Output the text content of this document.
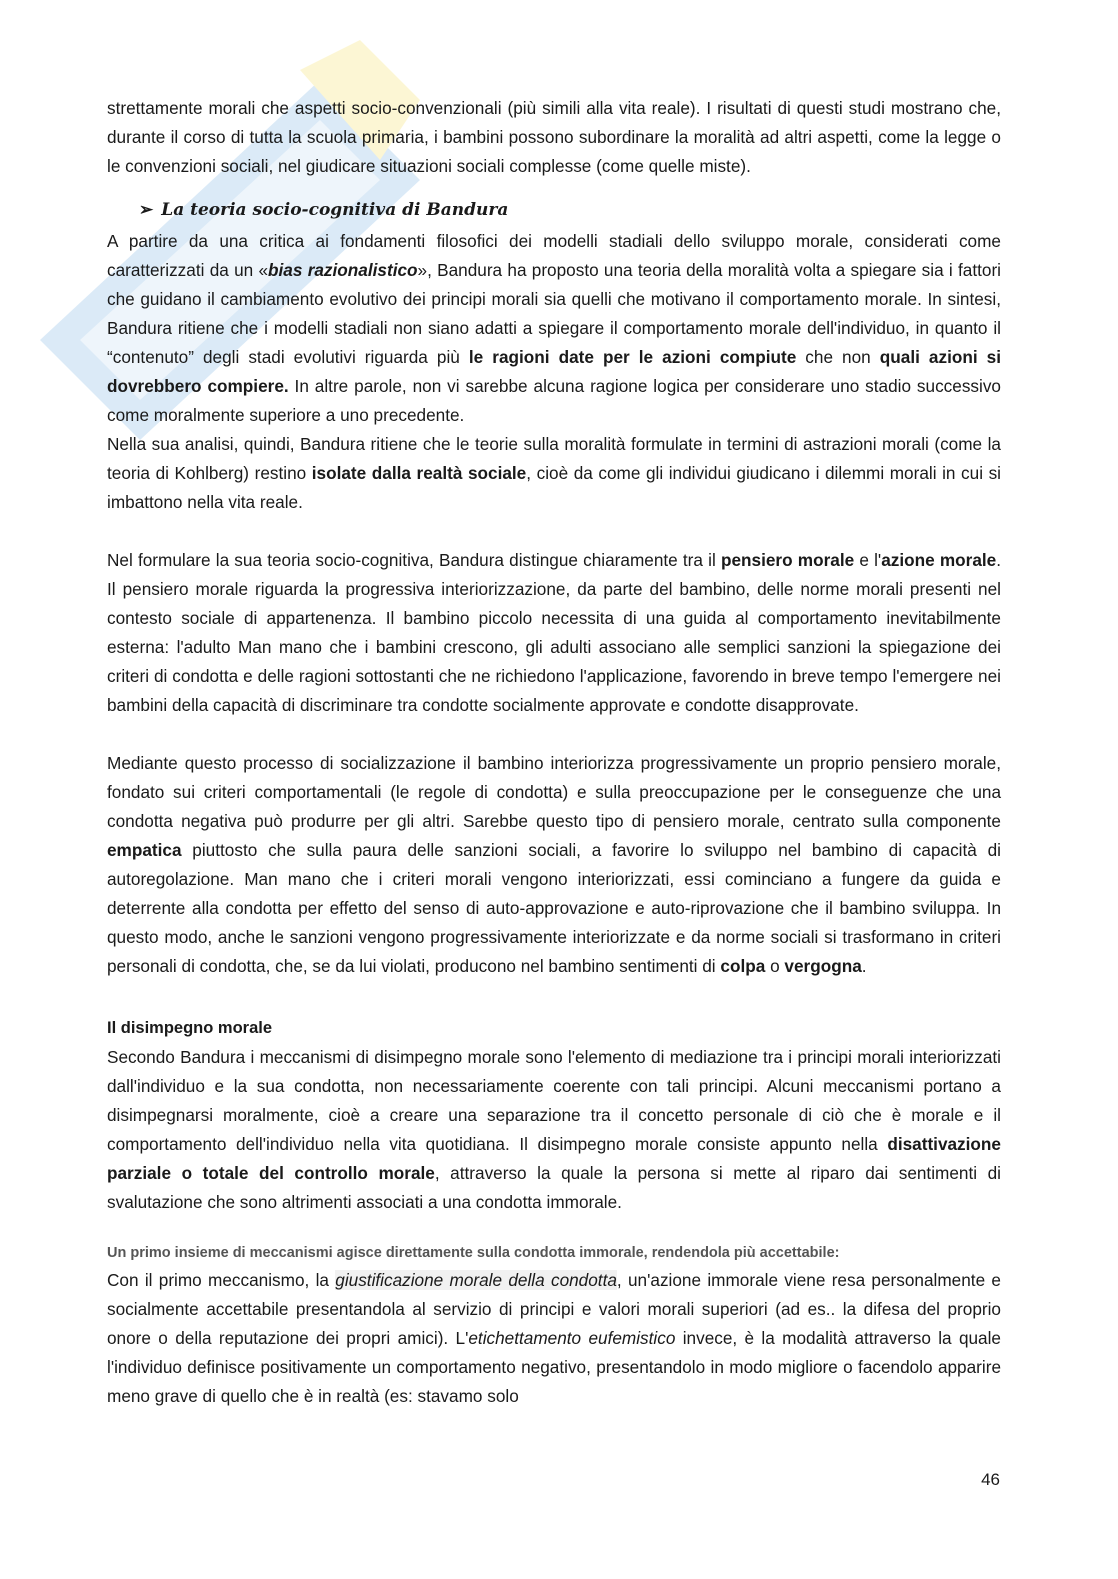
strettamente morali che aspetti socio-convenzionali (più simili alla vita reale). I risultati di questi studi mostrano che, durante il corso di tutta la scuola primaria, i bambini possono subordinare la moralità ad altri aspetti, come la legge o le convenzioni sociali, nel giudicare situazioni sociali complesse (come quelle miste).

➢ La teoria socio-cognitiva di Bandura

A partire da una critica ai fondamenti filosofici dei modelli stadiali dello sviluppo morale, considerati come caratterizzati da un «bias razionalistico», Bandura ha proposto una teoria della moralità volta a spiegare sia i fattori che guidano il cambiamento evolutivo dei principi morali sia quelli che motivano il comportamento morale. In sintesi, Bandura ritiene che i modelli stadiali non siano adatti a spiegare il comportamento morale dell'individuo, in quanto il “contenuto” degli stadi evolutivi riguarda più le ragioni date per le azioni compiute che non quali azioni si dovrebbero compiere. In altre parole, non vi sarebbe alcuna ragione logica per considerare uno stadio successivo come moralmente superiore a uno precedente.

Nella sua analisi, quindi, Bandura ritiene che le teorie sulla moralità formulate in termini di astrazioni morali (come la teoria di Kohlberg) restino isolate dalla realtà sociale, cioè da come gli individui giudicano i dilemmi morali in cui si imbattono nella vita reale.

Nel formulare la sua teoria socio-cognitiva, Bandura distingue chiaramente tra il pensiero morale e l'azione morale. Il pensiero morale riguarda la progressiva interiorizzazione, da parte del bambino, delle norme morali presenti nel contesto sociale di appartenenza. Il bambino piccolo necessita di una guida al comportamento inevitabilmente esterna: l'adulto Man mano che i bambini crescono, gli adulti associano alle semplici sanzioni la spiegazione dei criteri di condotta e delle ragioni sottostanti che ne richiedono l'applicazione, favorendo in breve tempo l'emergere nei bambini della capacità di discriminare tra condotte socialmente approvate e condotte disapprovate.

Mediante questo processo di socializzazione il bambino interiorizza progressivamente un proprio pensiero morale, fondato sui criteri comportamentali (le regole di condotta) e sulla preoccupazione per le conseguenze che una condotta negativa può produrre per gli altri. Sarebbe questo tipo di pensiero morale, centrato sulla componente empatica piuttosto che sulla paura delle sanzioni sociali, a favorire lo sviluppo nel bambino di capacità di autoregolazione. Man mano che i criteri morali vengono interiorizzati, essi cominciano a fungere da guida e deterrente alla condotta per effetto del senso di auto-approvazione e auto-riprovazione che il bambino sviluppa. In questo modo, anche le sanzioni vengono progressivamente interiorizzate e da norme sociali si trasformano in criteri personali di condotta, che, se da lui violati, producono nel bambino sentimenti di colpa o vergogna.

Il disimpegno morale

Secondo Bandura i meccanismi di disimpegno morale sono l'elemento di mediazione tra i principi morali interiorizzati dall'individuo e la sua condotta, non necessariamente coerente con tali principi. Alcuni meccanismi portano a disimpegnarsi moralmente, cioè a creare una separazione tra il concetto personale di ciò che è morale e il comportamento dell'individuo nella vita quotidiana. Il disimpegno morale consiste appunto nella disattivazione parziale o totale del controllo morale, attraverso la quale la persona si mette al riparo dai sentimenti di svalutazione che sono altrimenti associati a una condotta immorale.

Un primo insieme di meccanismi agisce direttamente sulla condotta immorale, rendendola più accettabile:

Con il primo meccanismo, la giustificazione morale della condotta, un'azione immorale viene resa personalmente e socialmente accettabile presentandola al servizio di principi e valori morali superiori (ad es.. la difesa del proprio onore o della reputazione dei propri amici). L'etichettamento eufemistico invece, è la modalità attraverso la quale l'individuo definisce positivamente un comportamento negativo, presentandolo in modo migliore o facendolo apparire meno grave di quello che è in realtà (es: stavamo solo

46
